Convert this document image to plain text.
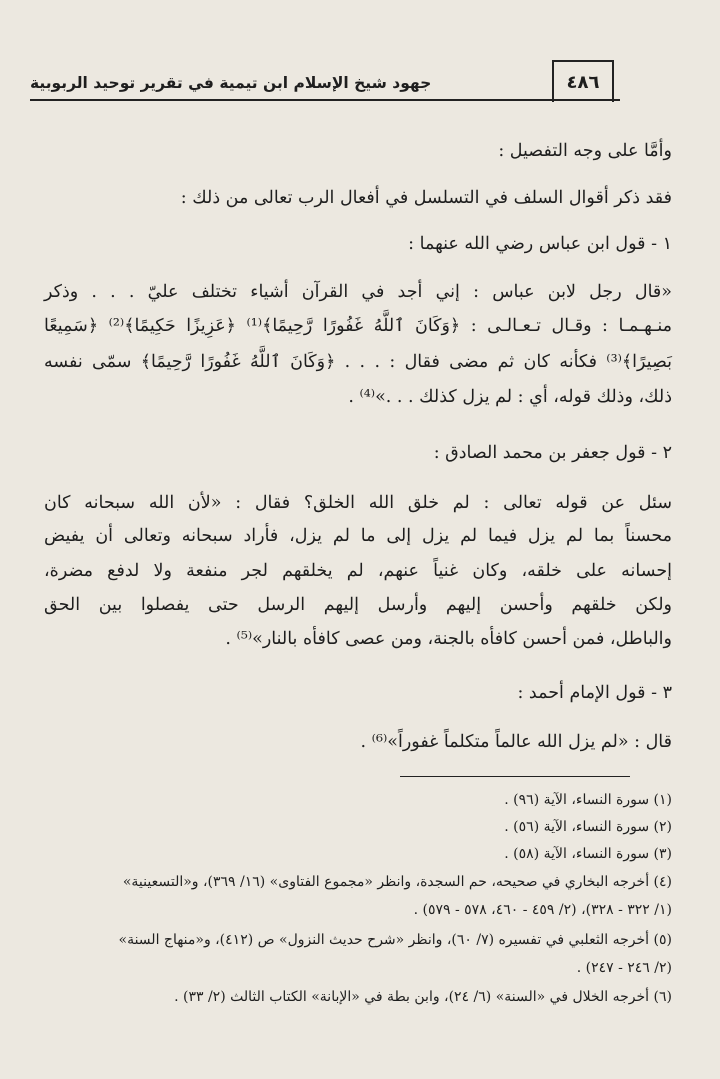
٤٨٦
جهود شيخ الإسلام ابن تيمية في تقرير توحيد الربوبية
وأمَّا على وجه التفصيل :
فقد ذكر أقوال السلف في التسلسل في أفعال الرب تعالى من ذلك :
١ - قول ابن عباس رضي الله عنهما :
«قال رجل لابن عباس : إني أجد في القرآن أشياء تختلف عليّ . . . وذكر
منـهـمـا : وقـال تـعـالـى : ﴿وَكَانَ ٱللَّهُ غَفُورًا رَّحِيمًا﴾⁽¹⁾ ﴿عَزِيزًا حَكِيمًا﴾⁽²⁾ ﴿سَمِيعًا
بَصِيرًا﴾⁽³⁾ فكأنه كان ثم مضى فقال : . . . ﴿وَكَانَ ٱللَّهُ غَفُورًا رَّحِيمًا﴾ سمّى نفسه
ذلك، وذلك قوله، أي : لم يزل كذلك . . .»⁽⁴⁾ .
٢ - قول جعفر بن محمد الصادق :
سئل عن قوله تعالى : لم خلق الله الخلق؟ فقال : «لأن الله سبحانه كان
محسناً بما لم يزل فيما لم يزل إلى ما لم يزل، فأراد سبحانه وتعالى أن يفيض
إحسانه على خلقه، وكان غنياً عنهم، لم يخلقهم لجر منفعة ولا لدفع مضرة،
ولكن خلقهم وأحسن إليهم وأرسل إليهم الرسل حتى يفصلوا بين الحق
والباطل، فمن أحسن كافأه بالجنة، ومن عصى كافأه بالنار»⁽⁵⁾ .
٣ - قول الإمام أحمد :
قال : «لم يزل الله عالماً متكلماً غفوراً»⁽⁶⁾ .
(١) سورة النساء، الآية (٩٦) .
(٢) سورة النساء، الآية (٥٦) .
(٣) سورة النساء، الآية (٥٨) .
(٤) أخرجه البخاري في صحيحه، حم السجدة، وانظر «مجموع الفتاوى» (١٦/ ٣٦٩)، و«التسعينية»
(١/ ٣٢٢ - ٣٢٨)، (٢/ ٤٥٩ - ٤٦٠، ٥٧٨ - ٥٧٩) .
(٥) أخرجه الثعلبي في تفسيره (٧/ ٦٠)، وانظر «شرح حديث النزول» ص (٤١٢)، و«منهاج السنة»
(٢/ ٢٤٦ - ٢٤٧) .
(٦) أخرجه الخلال في «السنة» (٦/ ٢٤)، وابن بطة في «الإبانة» الكتاب الثالث (٢/ ٣٣) .
